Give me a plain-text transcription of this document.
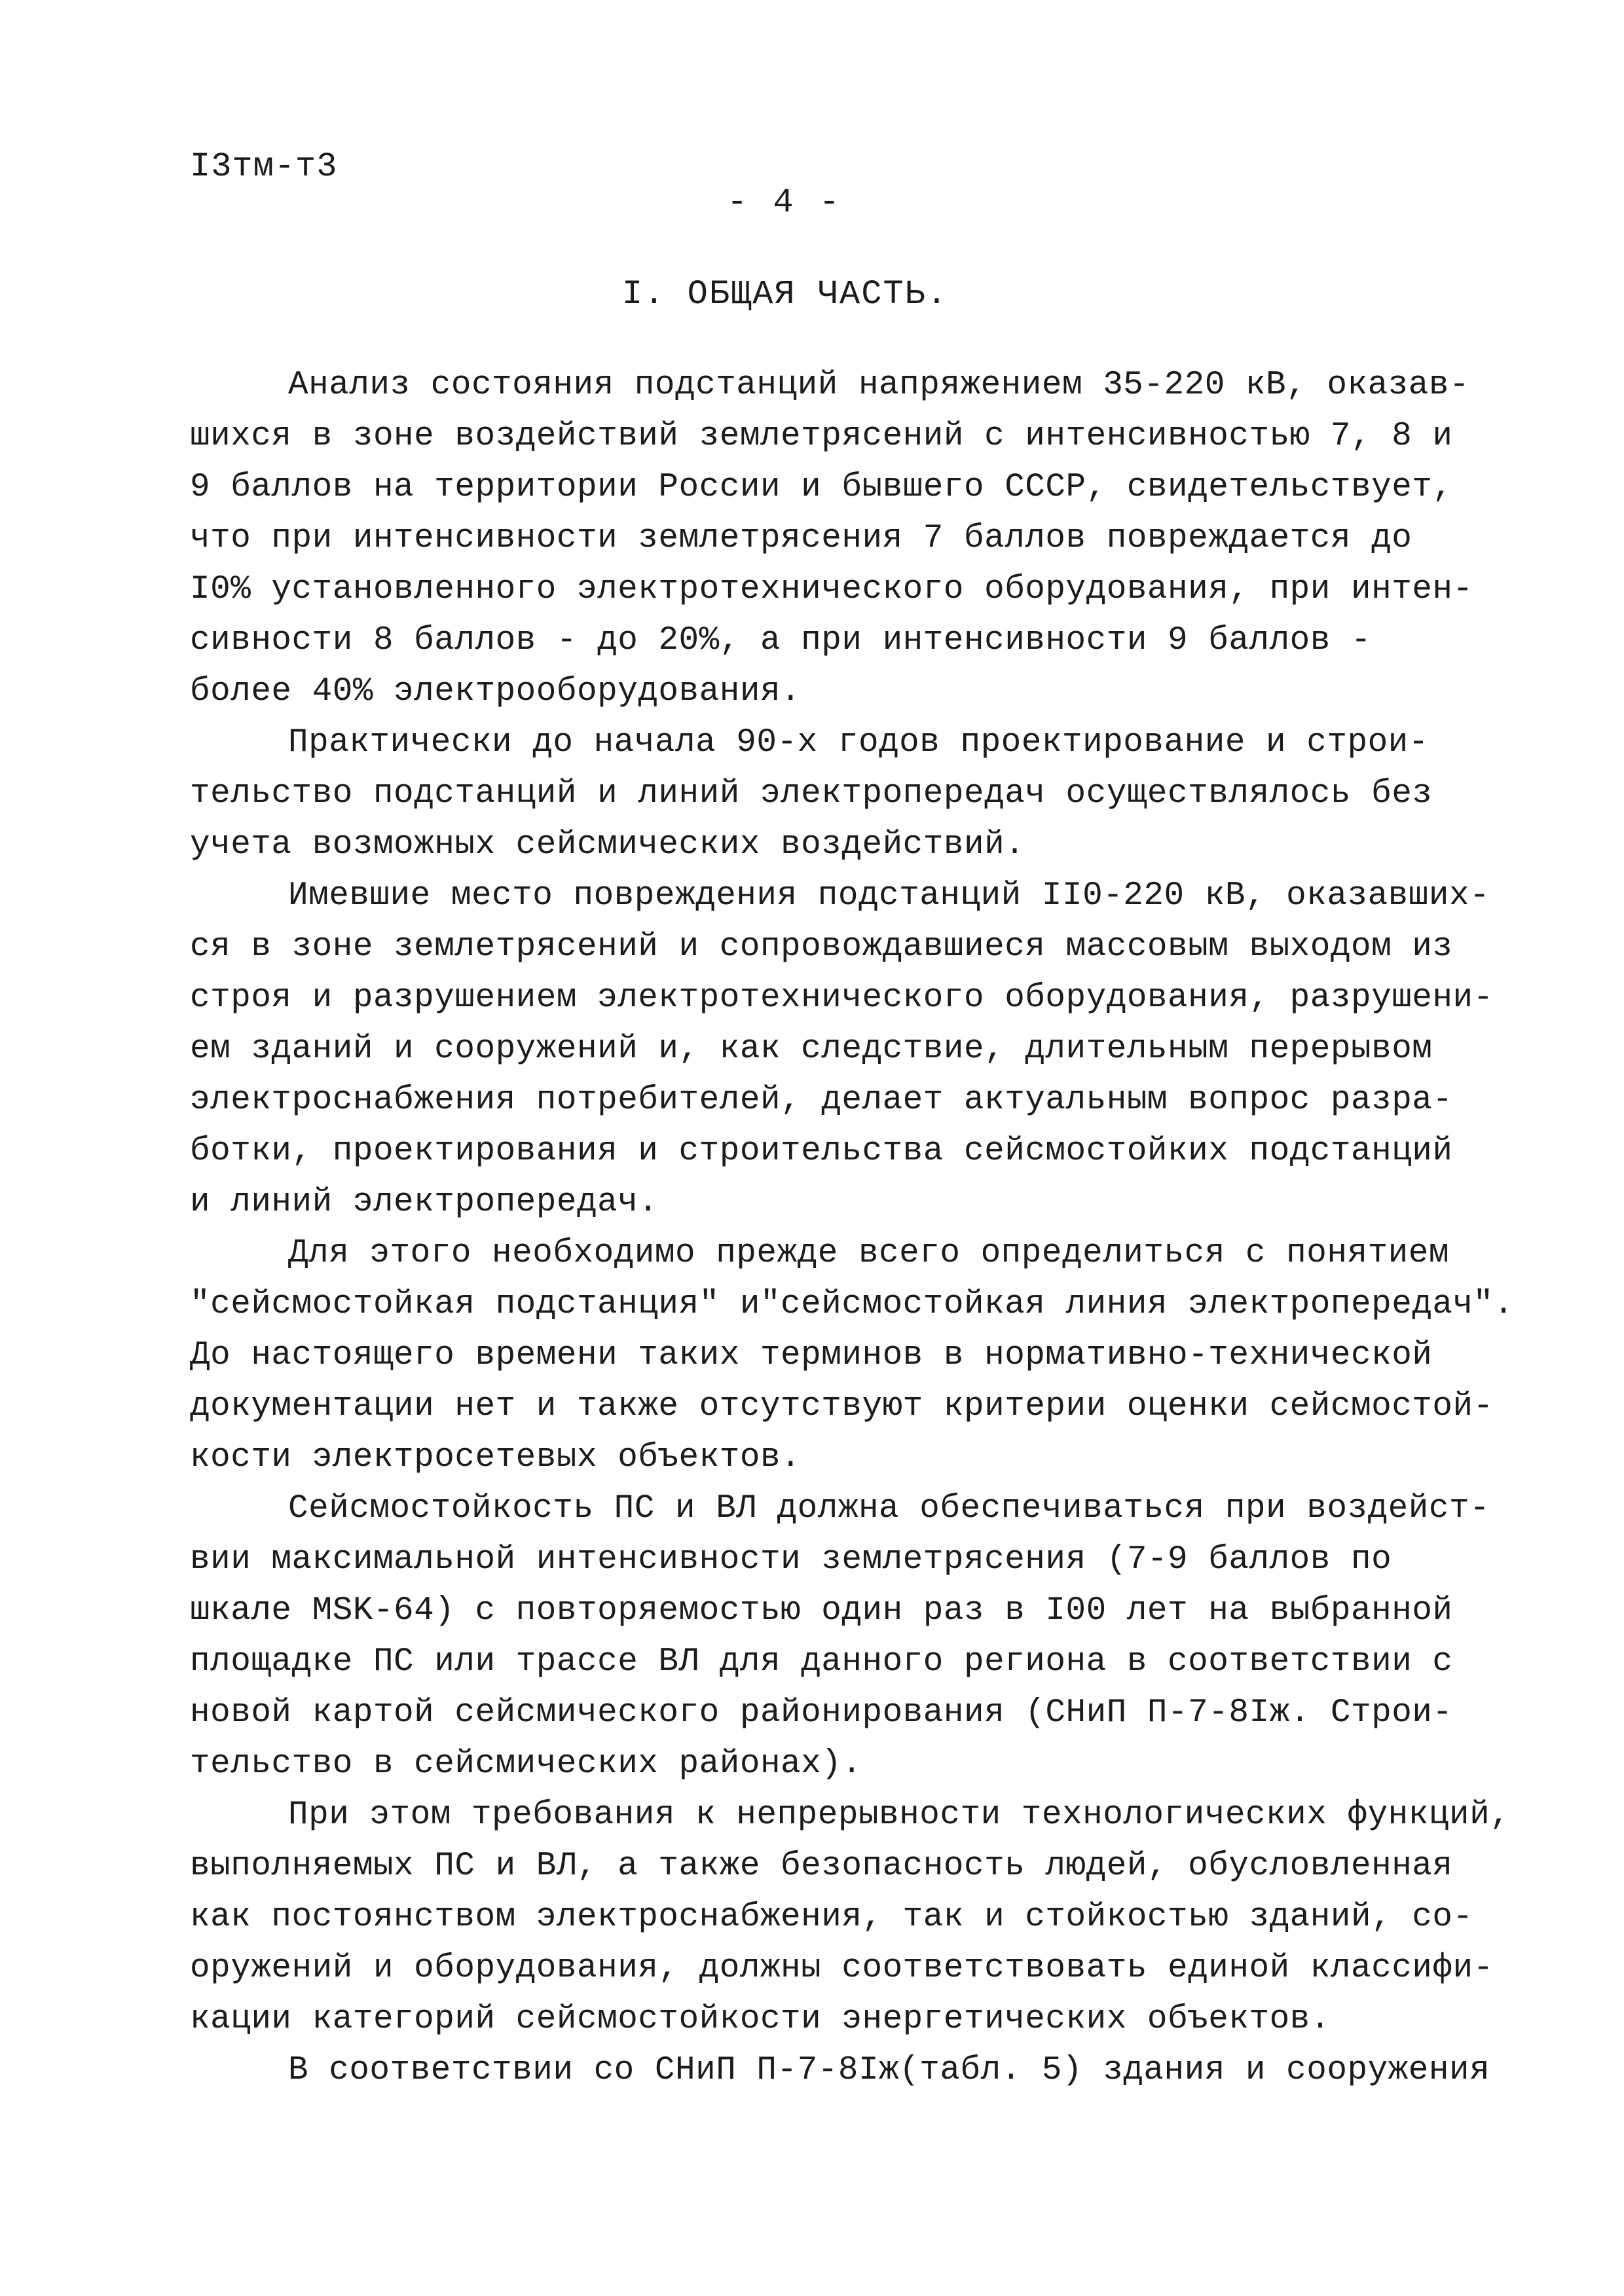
I3тм-т3
- 4 -
I. ОБЩАЯ ЧАСТЬ.
Анализ состояния подстанций напряжением 35-220 кВ, оказав-
шихся в зоне воздействий землетрясений с интенсивностью 7, 8 и
9 баллов на территории России и бывшего СССР, свидетельствует,
что при интенсивности землетрясения 7 баллов повреждается до
I0% установленного электротехнического оборудования, при интен-
сивности 8 баллов - до 20%, а при интенсивности 9 баллов -
более 40% электрооборудования.
Практически до начала 90-х годов проектирование и строи-
тельство подстанций и линий электропередач осуществлялось без
учета возможных сейсмических воздействий.
Имевшие место повреждения подстанций II0-220 кВ, оказавших-
ся в зоне землетрясений и сопровождавшиеся массовым выходом из
строя и разрушением электротехнического оборудования, разрушени-
ем зданий и сооружений и, как следствие, длительным перерывом
электроснабжения потребителей, делает актуальным вопрос разра-
ботки, проектирования и строительства сейсмостойких подстанций
и линий электропередач.
Для этого необходимо прежде всего определиться с понятием
"сейсмостойкая подстанция" и"сейсмостойкая линия электропередач".
До настоящего времени таких терминов в нормативно-технической
документации нет и также отсутствуют критерии оценки сейсмостой-
кости электросетевых объектов.
Сейсмостойкость ПС и ВЛ должна обеспечиваться при воздейст-
вии максимальной интенсивности землетрясения (7-9 баллов по
шкале MSK-64) с повторяемостью один раз в I00 лет на выбранной
площадке ПС или трассе ВЛ для данного региона в соответствии с
новой картой сейсмического районирования (СНиП П-7-8Iж. Строи-
тельство в сейсмических районах).
При этом требования к непрерывности технологических функций,
выполняемых ПС и ВЛ, а также безопасность людей, обусловленная
как постоянством электроснабжения, так и стойкостью зданий, со-
оружений и оборудования, должны соответствовать единой классифи-
кации категорий сейсмостойкости энергетических объектов.
В соответствии со СНиП П-7-8Iж(табл. 5) здания и сооружения
